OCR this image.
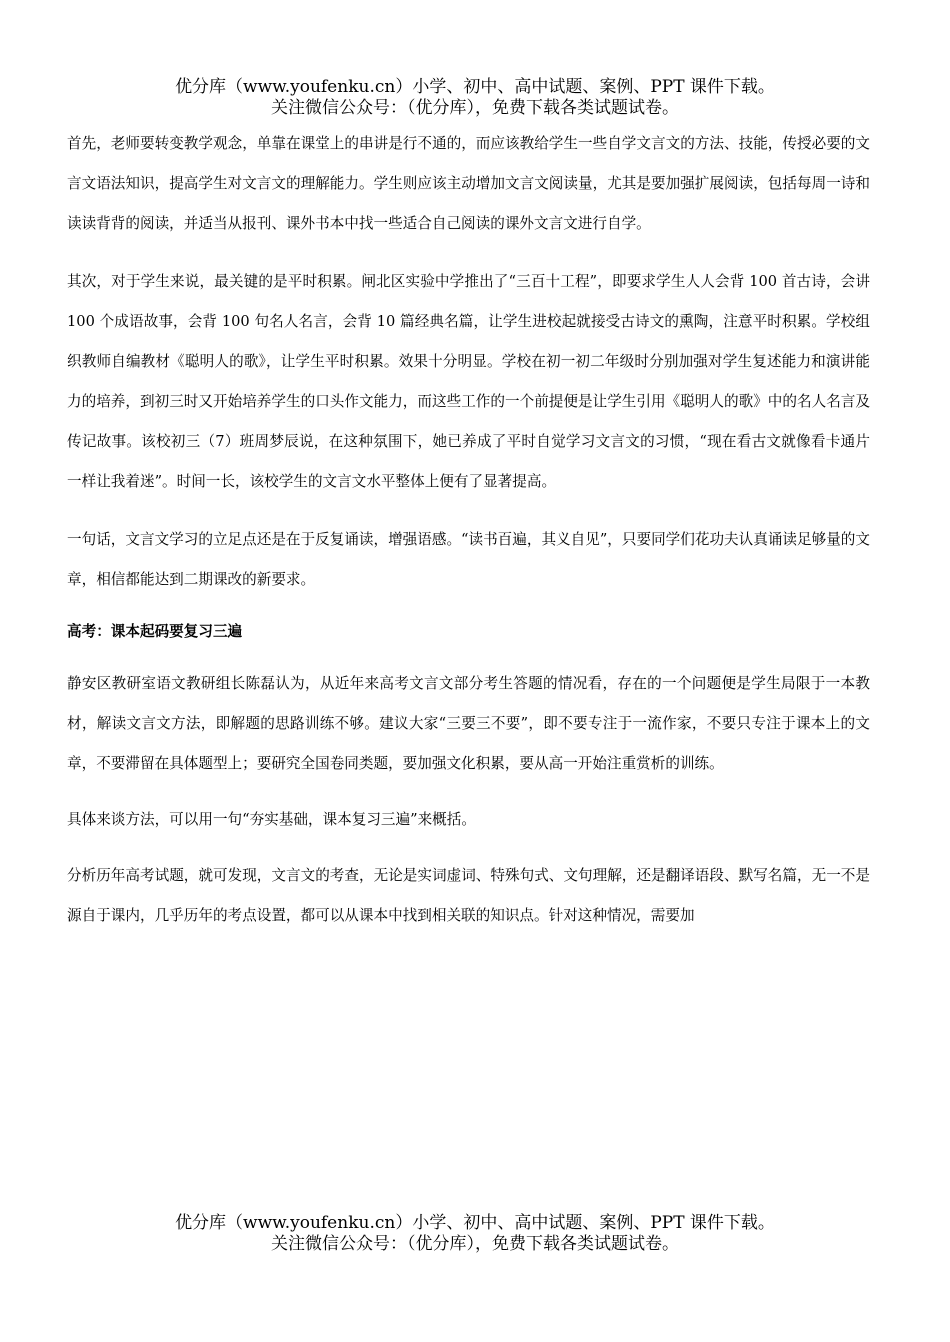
优分库（www.youfenku.cn）小学、初中、高中试题、案例、PPT 课件下载。
关注微信公众号：（优分库），免费下载各类试题试卷。

首先，老师要转变教学观念，单靠在课堂上的串讲是行不通的，而应该教给学生一些自学文言文的方法、技能，传授必要的文言文语法知识，提高学生对文言文的理解能力。学生则应该主动增加文言文阅读量，尤其是要加强扩展阅读，包括每周一诗和读读背背的阅读，并适当从报刊、课外书本中找一些适合自己阅读的课外文言文进行自学。

其次，对于学生来说，最关键的是平时积累。闸北区实验中学推出了“三百十工程”，即要求学生人人会背 100 首古诗，会讲 100 个成语故事，会背 100 句名人名言，会背 10 篇经典名篇，让学生进校起就接受古诗文的熏陶，注意平时积累。学校组织教师自编教材《聪明人的歌》，让学生平时积累。效果十分明显。学校在初一初二年级时分别加强对学生复述能力和演讲能力的培养，到初三时又开始培养学生的口头作文能力，而这些工作的一个前提便是让学生引用《聪明人的歌》中的名人名言及传记故事。该校初三（7）班周梦辰说，在这种氛围下，她已养成了平时自觉学习文言文的习惯，“现在看古文就像看卡通片一样让我着迷”。时间一长，该校学生的文言文水平整体上便有了显著提高。

一句话，文言文学习的立足点还是在于反复诵读，增强语感。“读书百遍，其义自见”，只要同学们花功夫认真诵读足够量的文章，相信都能达到二期课改的新要求。

高考：课本起码要复习三遍

静安区教研室语文教研组长陈磊认为，从近年来高考文言文部分考生答题的情况看，存在的一个问题便是学生局限于一本教材，解读文言文方法，即解题的思路训练不够。建议大家“三要三不要”，即不要专注于一流作家，不要只专注于课本上的文章，不要滞留在具体题型上；要研究全国卷同类题，要加强文化积累，要从高一开始注重赏析的训练。

具体来谈方法，可以用一句“夯实基础，课本复习三遍”来概括。

分析历年高考试题，就可发现，文言文的考查，无论是实词虚词、特殊句式、文句理解，还是翻译语段、默写名篇，无一不是源自于课内，几乎历年的考点设置，都可以从课本中找到相关联的知识点。针对这种情况，需要加

优分库（www.youfenku.cn）小学、初中、高中试题、案例、PPT 课件下载。
关注微信公众号：（优分库），免费下载各类试题试卷。
